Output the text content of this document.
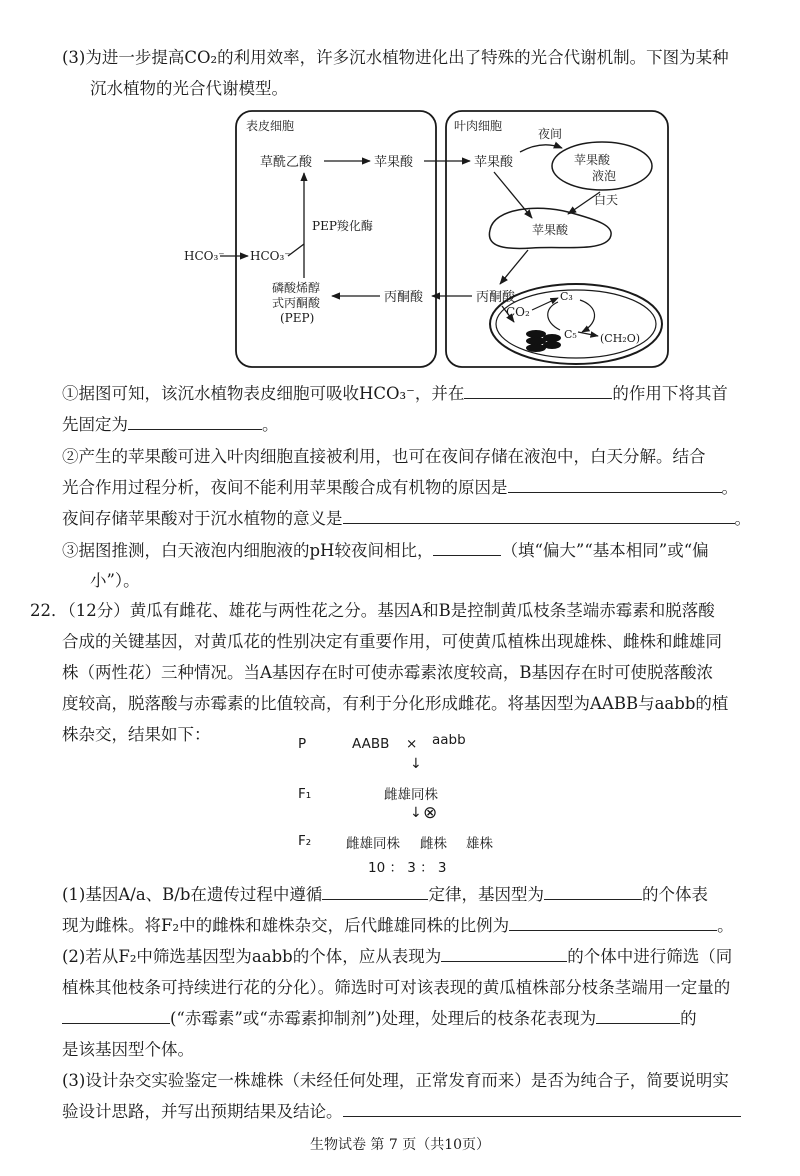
(3)为进一步提高CO₂的利用效率，许多沉水植物进化出了特殊的光合代谢机制。下图为某种
沉水植物的光合代谢模型。
表皮细胞	叶肉细胞
草酰乙酸	苹果酸
HCO₃⁻ HCO₃⁻
PEP羧化酶
磷酸烯醇
式丙酮酸
(PEP)
丙酮酸
苹果酸
夜间
苹果酸
液泡
白天
苹果酸
丙酮酸
CO₂
C₃
C₅ (CH₂O)
①据图可知，该沉水植物表皮细胞可吸收HCO₃⁻，并在	的作用下将其首
先固定为	。
②产生的苹果酸可进入叶肉细胞直接被利用，也可在夜间存储在液泡中，白天分解。结合
光合作用过程分析，夜间不能利用苹果酸合成有机物的原因是	。
夜间存储苹果酸对于沉水植物的意义是	。
③据图推测，白天液泡内细胞液的pH较夜间相比，	（填“偏大”“基本相同”或“偏
小”）。
22．（12分）黄瓜有雌花、雄花与两性花之分。基因A和B是控制黄瓜枝条茎端赤霉素和脱落酸
合成的关键基因，对黄瓜花的性别决定有重要作用，可使黄瓜植株出现雄株、雌株和雌雄同
株（两性花）三种情况。当A基因存在时可使赤霉素浓度较高，B基因存在时可使脱落酸浓
度较高，脱落酸与赤霉素的比值较高，有利于分化形成雌花。将基因型为AABB与aabb的植
株杂交，结果如下：	P	AABB × aabb
↓
F₁	雌雄同株
↓ ⊗
F₂	雌雄同株 雌株 雄株
10 ： 3 ： 3
(1)基因A/a、B/b在遗传过程中遵循	定律，基因型为	的个体表
现为雌株。将F₂中的雌株和雄株杂交，后代雌雄同株的比例为	。
(2)若从F₂中筛选基因型为aabb的个体，应从表现为	的个体中进行筛选（同
植株其他枝条可持续进行花的分化）。筛选时可对该表现的黄瓜植株部分枝条茎端用一定量的
(“赤霉素”或“赤霉素抑制剂”)处理，处理后的枝条花表现为	的
是该基因型个体。
(3)设计杂交实验鉴定一株雄株（未经任何处理，正常发育而来）是否为纯合子，简要说明实
验设计思路，并写出预期结果及结论。
生物试卷 第 7 页（共10页）
